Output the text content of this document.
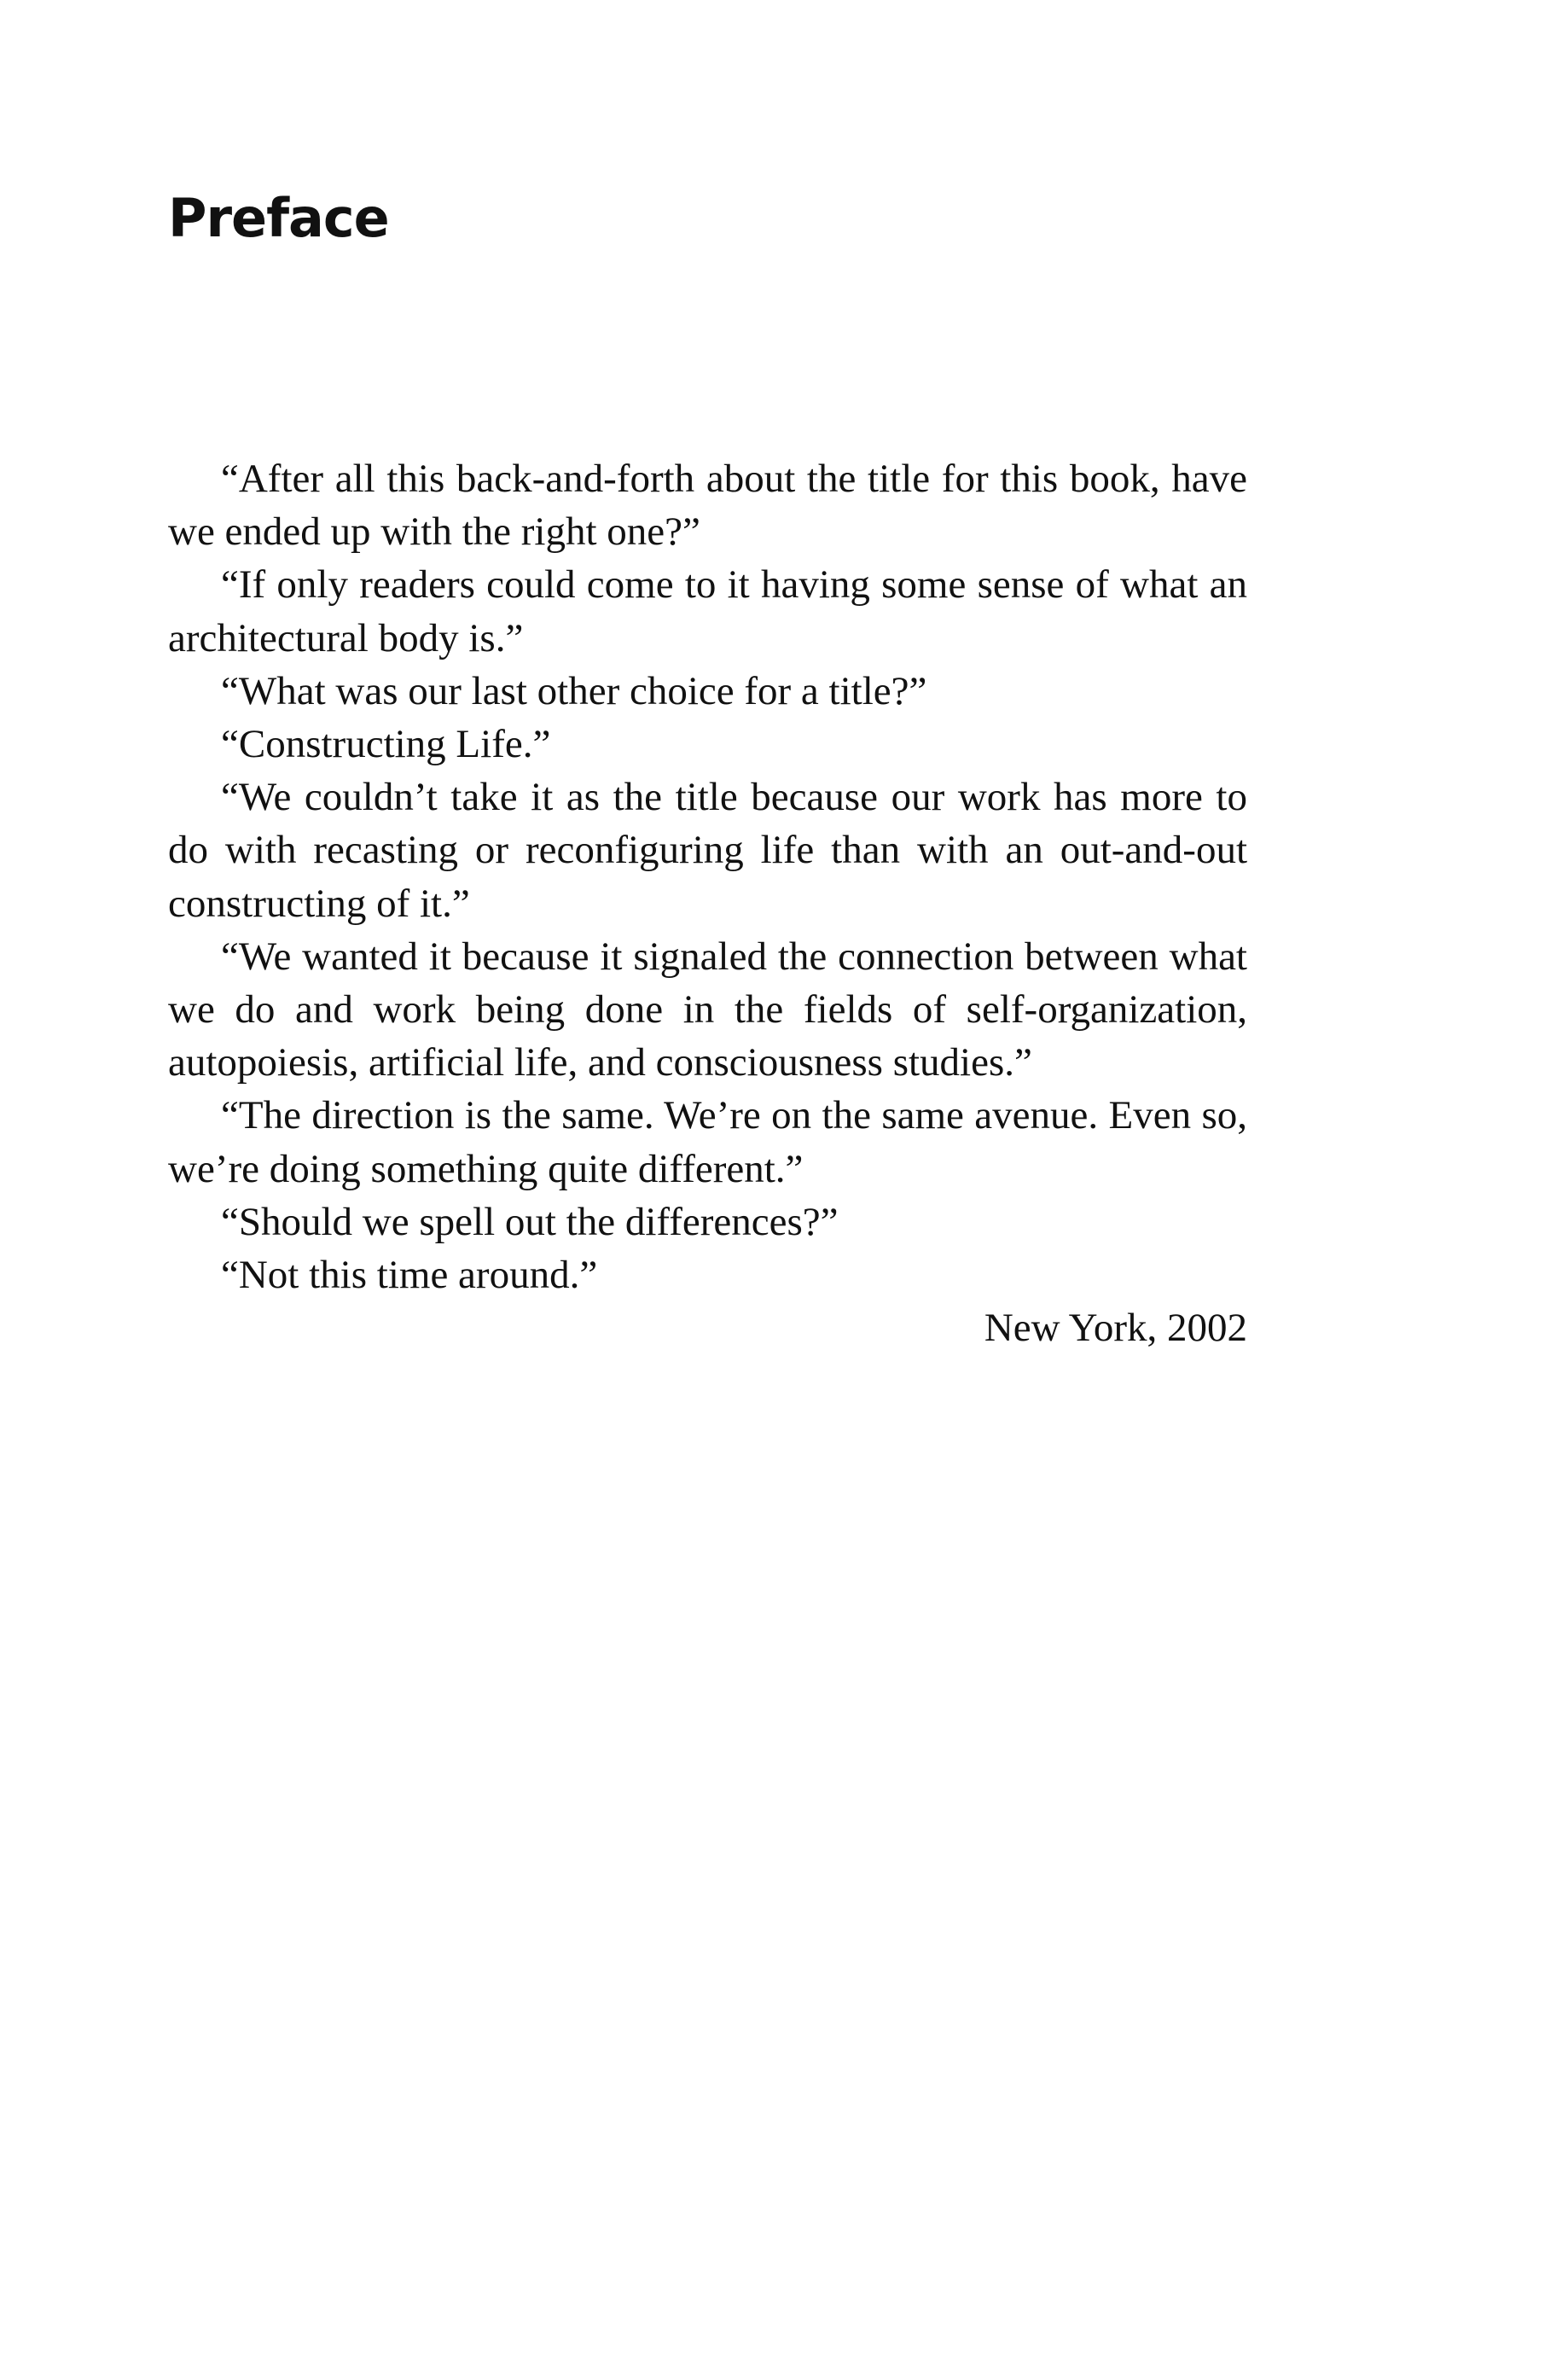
Preface

“After all this back-and-forth about the title for this book, have we ended up with the right one?”

“If only readers could come to it having some sense of what an architectural body is.”

“What was our last other choice for a title?”

“Constructing Life.”

“We couldn’t take it as the title because our work has more to do with recasting or reconfiguring life than with an out-and-out constructing of it.”

“We wanted it because it signaled the connection between what we do and work being done in the fields of self-organization, autopoiesis, artificial life, and consciousness studies.”

“The direction is the same. We’re on the same avenue. Even so, we’re doing something quite different.”

“Should we spell out the differences?”

“Not this time around.”

New York, 2002
